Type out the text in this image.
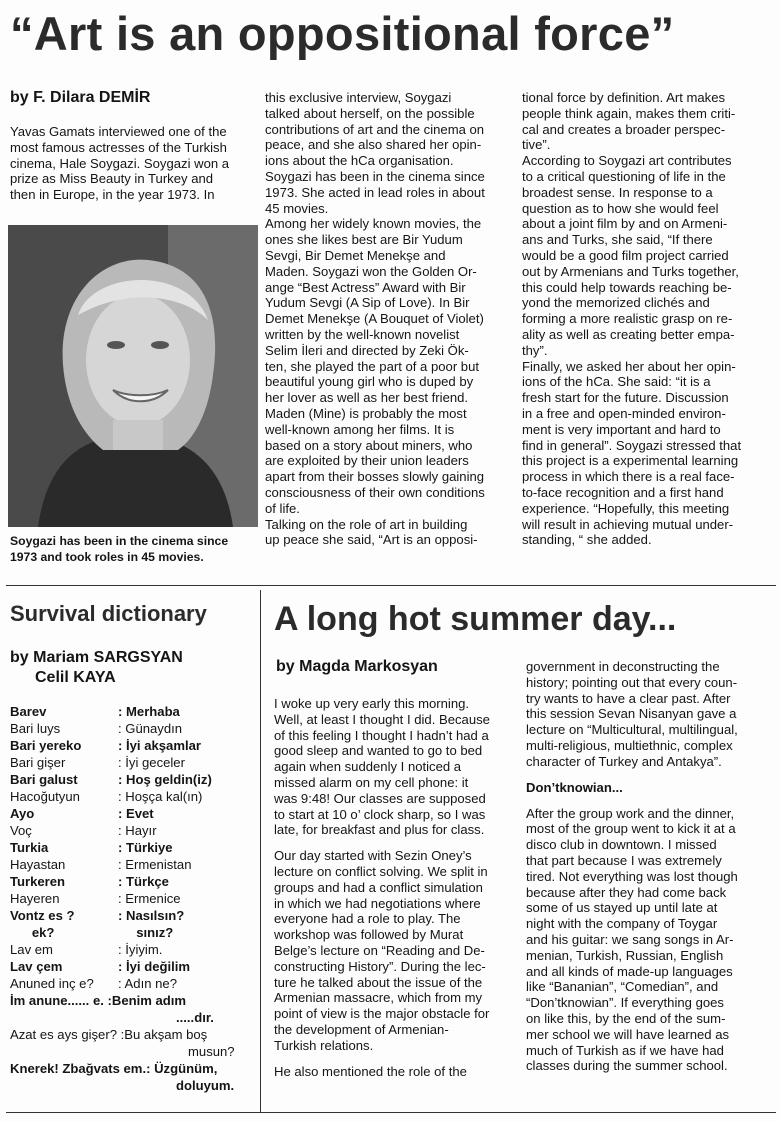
“Art is an oppositional force”
by F. Dilara DEMİR
Yavas Gamats interviewed one of the
most famous actresses of the Turkish
cinema, Hale Soygazi. Soygazi won a
prize as Miss Beauty in Turkey and
then in Europe, in the year 1973. In
Soygazi has been in the cinema since
1973 and took roles in 45 movies.
this exclusive interview, Soygazi
talked about herself, on the possible
contributions of art and the cinema on
peace, and she also shared her opin-
ions about the hCa organisation.
Soygazi has been in the cinema since
1973. She acted in lead roles in about
45 movies.
Among her widely known movies, the
ones she likes best are Bir Yudum
Sevgi, Bir Demet Menekşe and
Maden. Soygazi won the Golden Or-
ange “Best Actress” Award with Bir
Yudum Sevgi (A Sip of Love). In Bir
Demet Menekşe (A Bouquet of Violet)
written by the well-known novelist
Selim İleri and directed by Zeki Ök-
ten, she played the part of a poor but
beautiful young girl who is duped by
her lover as well as her best friend.
Maden (Mine) is probably the most
well-known among her films. It is
based on a story about miners, who
are exploited by their union leaders
apart from their bosses slowly gaining
consciousness of their own conditions
of life.
Talking on the role of art in building
up peace she said, “Art is an opposi-
tional force by definition. Art makes
people think again, makes them criti-
cal and creates a broader perspec-
tive”.
According to Soygazi art contributes
to a critical questioning of life in the
broadest sense. In response to a
question as to how she would feel
about a joint film by and on Armeni-
ans and Turks, she said, “If there
would be a good film project carried
out by Armenians and Turks together,
this could help towards reaching be-
yond the memorized clichés and
forming a more realistic grasp on re-
ality as well as creating better empa-
thy”.
Finally, we asked her about her opin-
ions of the hCa. She said: “it is a
fresh start for the future. Discussion
in a free and open-minded environ-
ment is very important and hard to
find in general”. Soygazi stressed that
this project is a experimental learning
process in which there is a real face-
to-face recognition and a first hand
experience. “Hopefully, this meeting
will result in achieving mutual under-
standing, “ she added.
Survival dictionary
by Mariam SARGSYAN
Celil KAYA
Barev	: Merhaba
Bari luys	: Günaydın
Bari yereko	: İyi akşamlar
Bari gişer	: İyi geceler
Bari galust	: Hoş geldin(iz)
Hacoğutyun	: Hoşça kal(ın)
Ayo	: Evet
Voç	: Hayır
Turkia	: Türkiye
Hayastan	: Ermenistan
Turkeren	: Türkçe
Hayeren	: Ermenice
Vontz es ?	: Nasılsın?
ek?	sınız?
Lav em	: İyiyim.
Lav çem	: İyi değilim
Anuned inç e? : Adın ne?
İm anune...... e. :Benim adım
.....dır.
Azat es ays gişer? :Bu akşam boş
musun?
Knerek! Zbağvats em.: Üzgünüm,
doluyum.
A long hot summer day...
by Magda Markosyan
I woke up very early this morning.
Well, at least I thought I did. Because
of this feeling I thought I hadn’t had a
good sleep and wanted to go to bed
again when suddenly I noticed a
missed alarm on my cell phone: it
was 9:48! Our classes are supposed
to start at 10 o’ clock sharp, so I was
late, for breakfast and plus for class.
Our day started with Sezin Oney’s
lecture on conflict solving. We split in
groups and had a conflict simulation
in which we had negotiations where
everyone had a role to play. The
workshop was followed by Murat
Belge’s lecture on “Reading and De-
constructing History”. During the lec-
ture he talked about the issue of the
Armenian massacre, which from my
point of view is the major obstacle for
the development of Armenian-
Turkish relations.
He also mentioned the role of the
government in deconstructing the
history; pointing out that every coun-
try wants to have a clear past. After
this session Sevan Nisanyan gave a
lecture on “Multicultural, multilingual,
multi-religious, multiethnic, complex
character of Turkey and Antakya”.
Don’tknowian...
After the group work and the dinner,
most of the group went to kick it at a
disco club in downtown. I missed
that part because I was extremely
tired. Not everything was lost though
because after they had come back
some of us stayed up until late at
night with the company of Toygar
and his guitar: we sang songs in Ar-
menian, Turkish, Russian, English
and all kinds of made-up languages
like “Bananian”, “Comedian”, and
“Don’tknowian”. If everything goes
on like this, by the end of the sum-
mer school we will have learned as
much of Turkish as if we have had
classes during the summer school.
